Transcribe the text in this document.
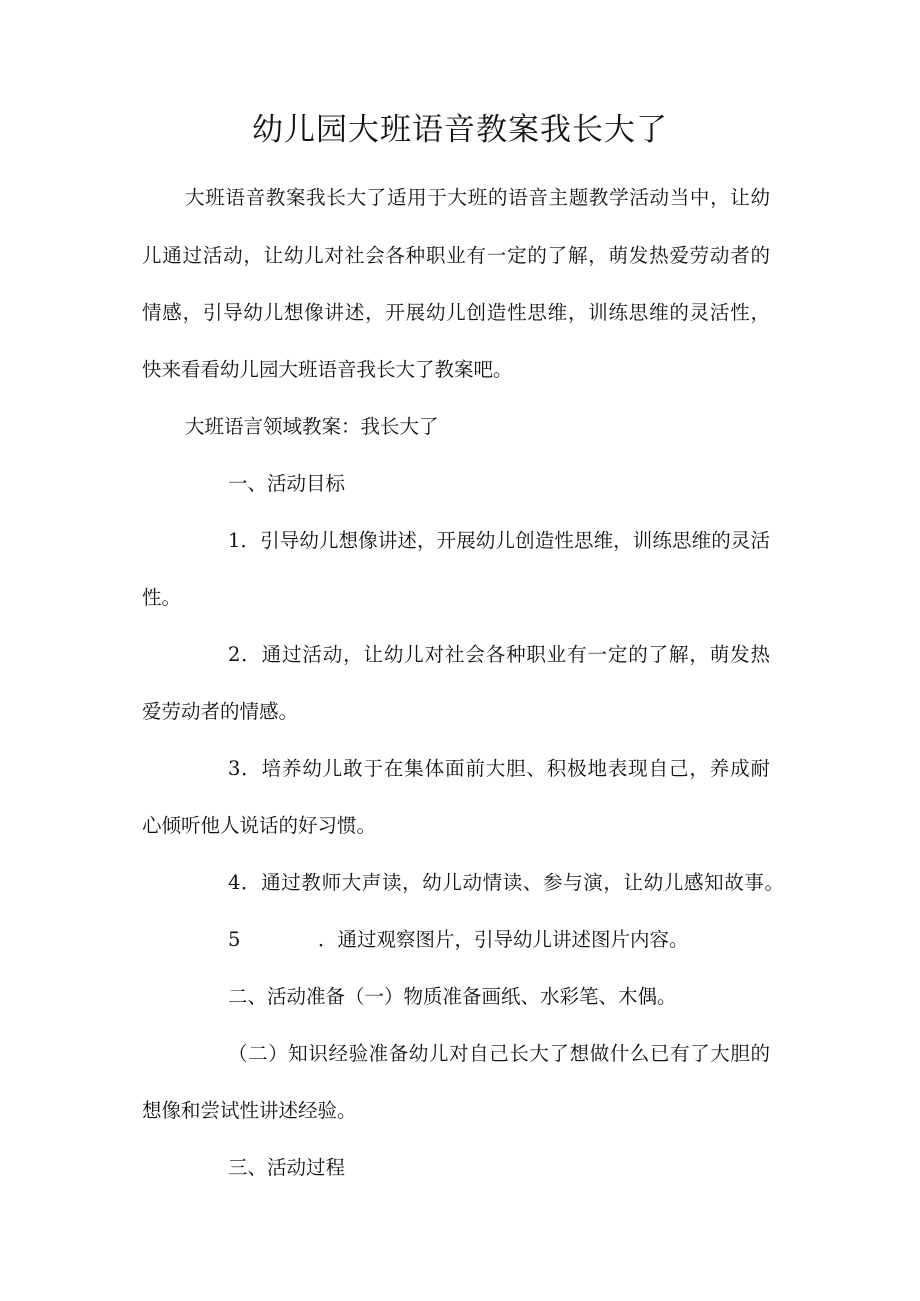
幼儿园大班语音教案我长大了
大班语音教案我长大了适用于大班的语音主题教学活动当中，让幼
儿通过活动，让幼儿对社会各种职业有一定的了解，萌发热爱劳动者的
情感，引导幼儿想像讲述，开展幼儿创造性思维，训练思维的灵活性，
快来看看幼儿园大班语音我长大了教案吧。
大班语言领域教案：我长大了
一、活动目标
1．引导幼儿想像讲述，开展幼儿创造性思维，训练思维的灵活
性。
2．通过活动，让幼儿对社会各种职业有一定的了解，萌发热
爱劳动者的情感。
3．培养幼儿敢于在集体面前大胆、积极地表现自己，养成耐
心倾听他人说话的好习惯。
4．通过教师大声读，幼儿动情读、参与演，让幼儿感知故事。
5	．通过观察图片，引导幼儿讲述图片内容。
二、活动准备（一）物质准备画纸、水彩笔、木偶。
（二）知识经验准备幼儿对自己长大了想做什么已有了大胆的
想像和尝试性讲述经验。
三、活动过程
